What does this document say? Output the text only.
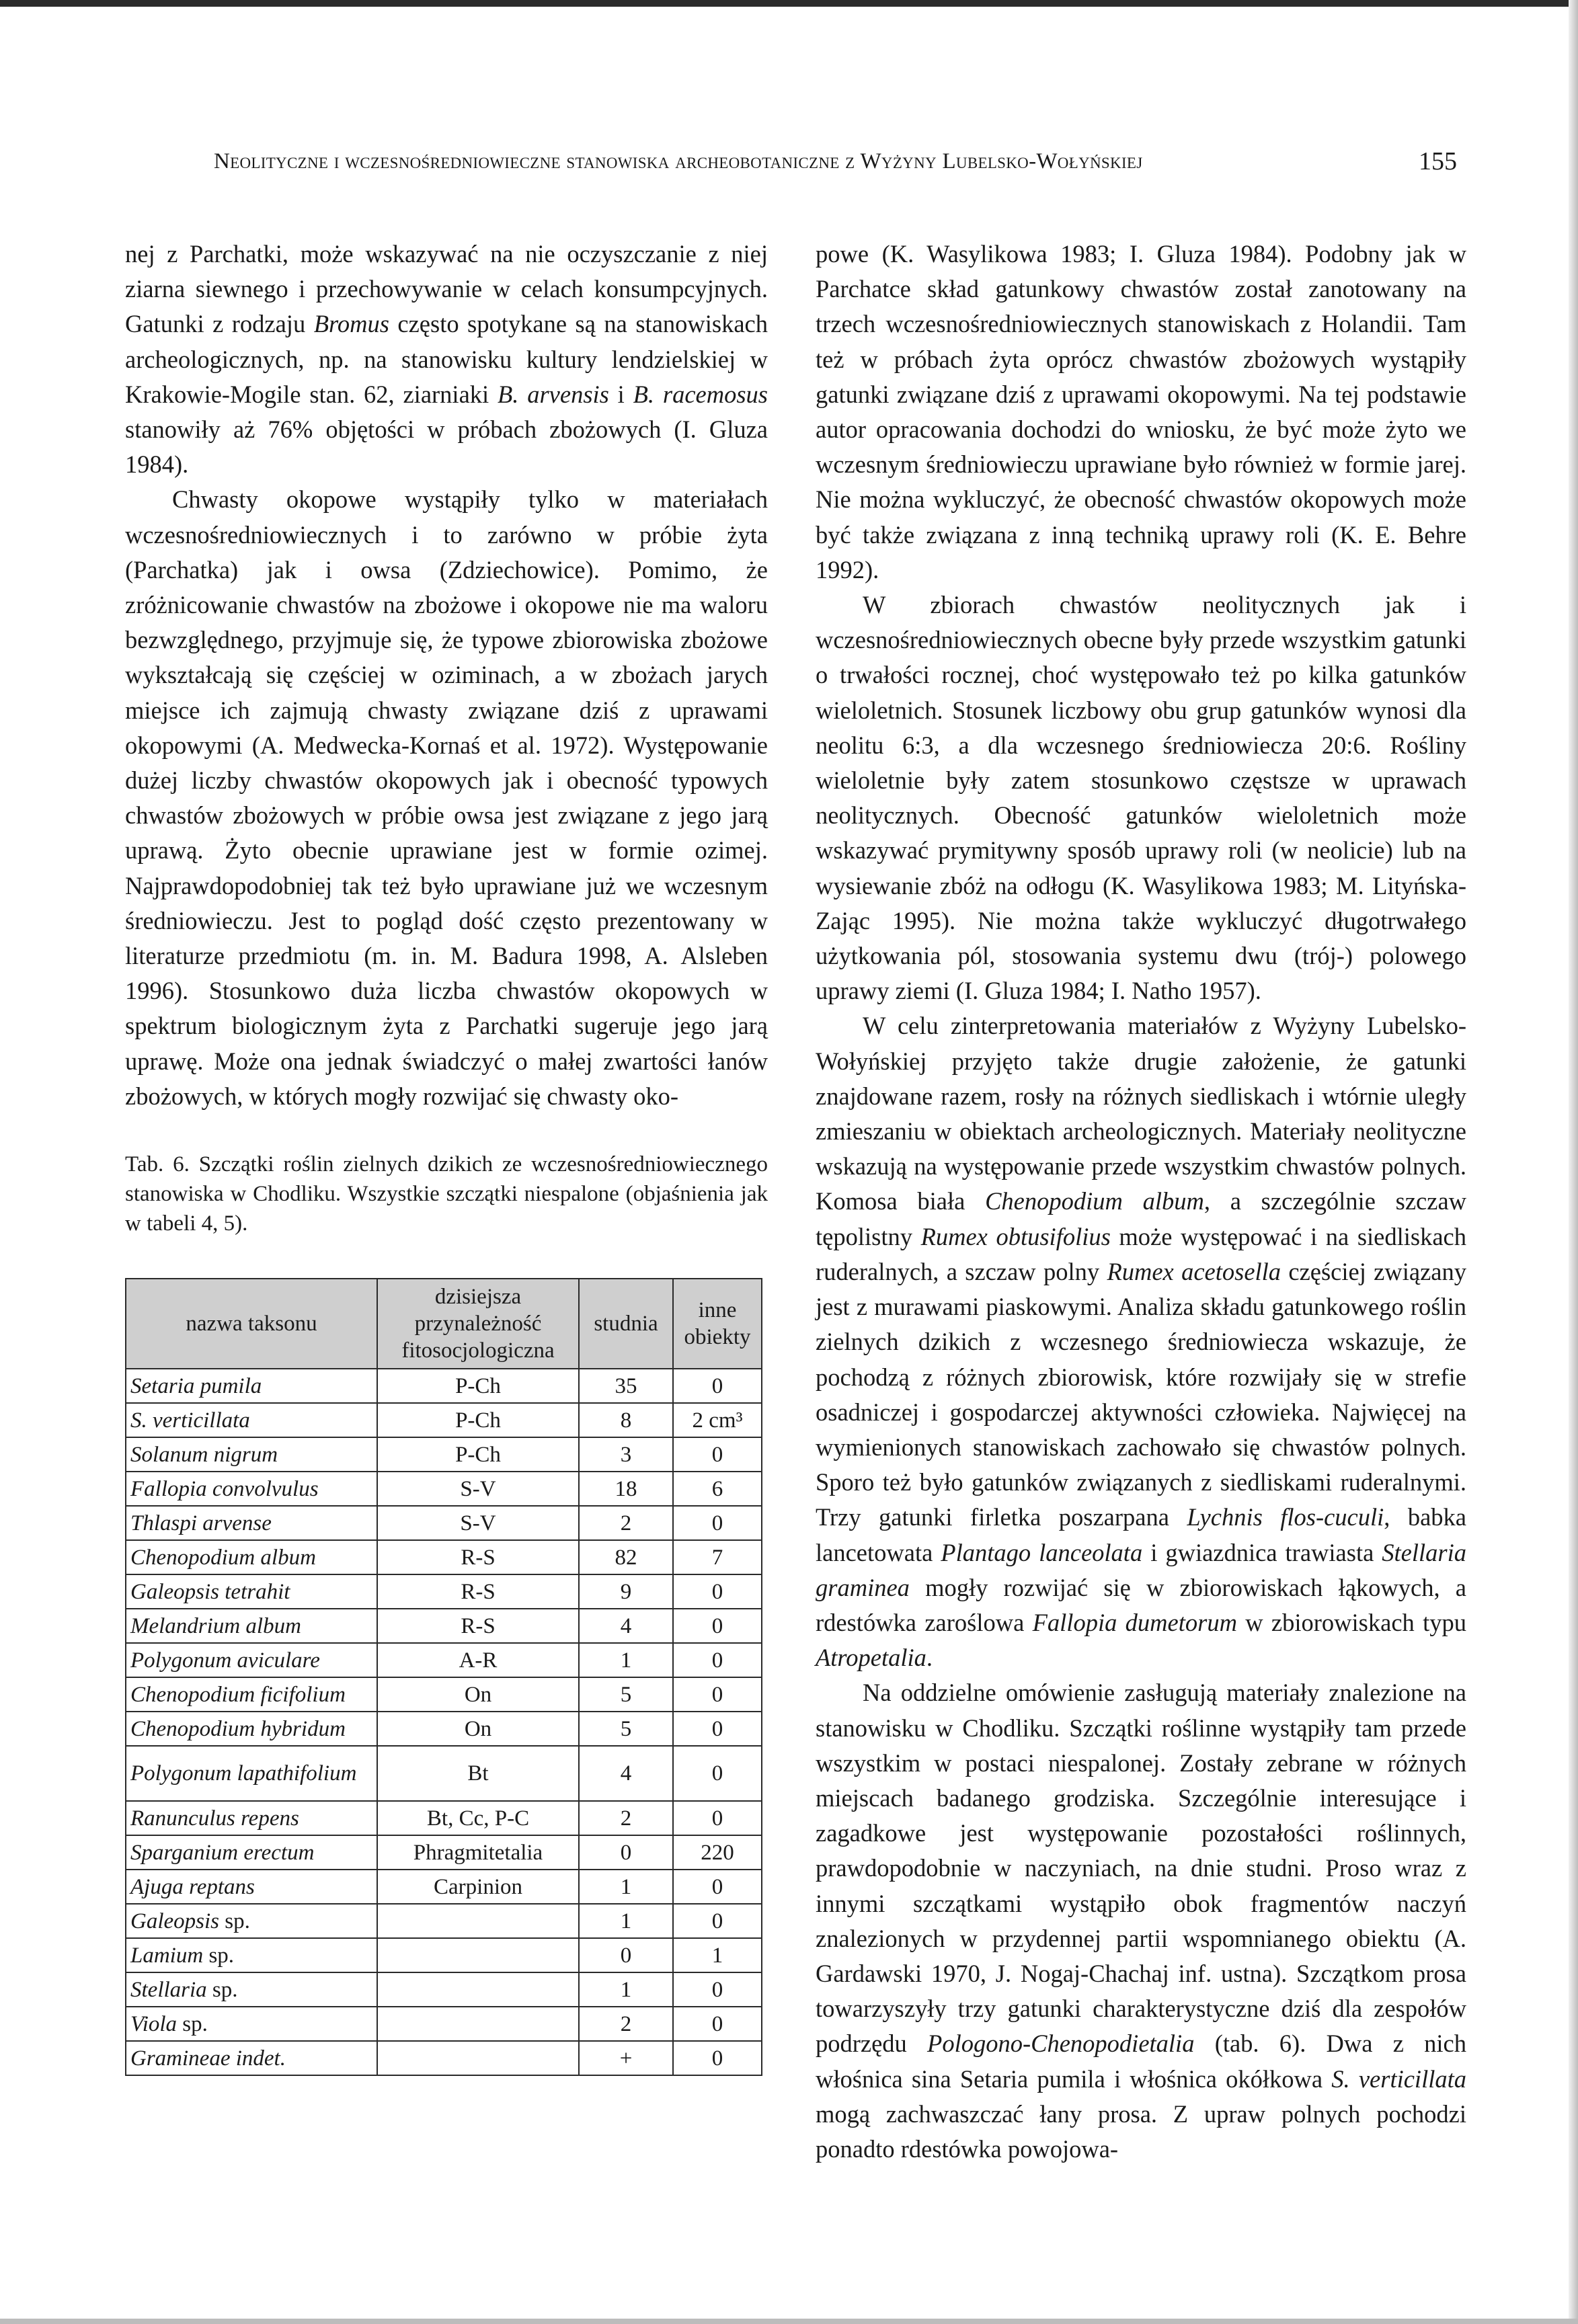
Neolityczne i wczesnośredniowieczne stanowiska archeobotaniczne z Wyżyny Lubelsko-Wołyńskiej	155

nej z Parchatki, może wskazywać na nie oczyszczanie z niej ziarna siewnego i przechowywanie w celach konsumpcyjnych. Gatunki z rodzaju Bromus często spotykane są na stanowiskach archeologicznych, np. na stanowisku kultury lendzielskiej w Krakowie-Mogile stan. 62, ziarniaki B. arvensis i B. racemosus stanowiły aż 76% objętości w próbach zbożowych (I. Gluza 1984).

Chwasty okopowe wystąpiły tylko w materiałach wczesnośredniowiecznych i to zarówno w próbie żyta (Parchatka) jak i owsa (Zdziechowice). Pomimo, że zróżnicowanie chwastów na zbożowe i okopowe nie ma waloru bezwzględnego, przyjmuje się, że typowe zbiorowiska zbożowe wykształcają się częściej w oziminach, a w zbożach jarych miejsce ich zajmują chwasty związane dziś z uprawami okopowymi (A. Medwecka-Kornaś et al. 1972). Występowanie dużej liczby chwastów okopowych jak i obecność typowych chwastów zbożowych w próbie owsa jest związane z jego jarą uprawą. Żyto obecnie uprawiane jest w formie ozimej. Najprawdopodobniej tak też było uprawiane już we wczesnym średniowieczu. Jest to pogląd dość często prezentowany w literaturze przedmiotu (m. in. M. Badura 1998, A. Alsleben 1996). Stosunkowo duża liczba chwastów okopowych w spektrum biologicznym żyta z Parchatki sugeruje jego jarą uprawę. Może ona jednak świadczyć o małej zwartości łanów zbożowych, w których mogły rozwijać się chwasty oko-

Tab. 6. Szczątki roślin zielnych dzikich ze wczesnośredniowiecznego stanowiska w Chodliku. Wszystkie szczątki niespalone (objaśnienia jak w tabeli 4, 5).
nazwa taksonu	dzisiejsza przynależność fitosocjologiczna	studnia	inne obiekty
Setaria pumila	P-Ch	35	0
S. verticillata	P-Ch	8	2 cm³
Solanum nigrum	P-Ch	3	0
Fallopia convolvulus	S-V	18	6
Thlaspi arvense	S-V	2	0
Chenopodium album	R-S	82	7
Galeopsis tetrahit	R-S	9	0
Melandrium album	R-S	4	0
Polygonum aviculare	A-R	1	0
Chenopodium ficifolium	On	5	0
Chenopodium hybridum	On	5	0
Polygonum lapathifolium	Bt	4	0
Ranunculus repens	Bt, Cc, P-C	2	0
Sparganium erectum	Phragmitetalia	0	220
Ajuga reptans	Carpinion	1	0
Galeopsis sp.		1	0
Lamium sp.		0	1
Stellaria sp.		1	0
Viola sp.		2	0
Gramineae indet.		+	0

powe (K. Wasylikowa 1983; I. Gluza 1984). Podobny jak w Parchatce skład gatunkowy chwastów został zanotowany na trzech wczesnośredniowiecznych stanowiskach z Holandii. Tam też w próbach żyta oprócz chwastów zbożowych wystąpiły gatunki związane dziś z uprawami okopowymi. Na tej podstawie autor opracowania dochodzi do wniosku, że być może żyto we wczesnym średniowieczu uprawiane było również w formie jarej. Nie można wykluczyć, że obecność chwastów okopowych może być także związana z inną techniką uprawy roli (K. E. Behre 1992).

W zbiorach chwastów neolitycznych jak i wczesnośredniowiecznych obecne były przede wszystkim gatunki o trwałości rocznej, choć występowało też po kilka gatunków wieloletnich. Stosunek liczbowy obu grup gatunków wynosi dla neolitu 6:3, a dla wczesnego średniowiecza 20:6. Rośliny wieloletnie były zatem stosunkowo częstsze w uprawach neolitycznych. Obecność gatunków wieloletnich może wskazywać prymitywny sposób uprawy roli (w neolicie) lub na wysiewanie zbóż na odłogu (K. Wasylikowa 1983; M. Lityńska-Zając 1995). Nie można także wykluczyć długotrwałego użytkowania pól, stosowania systemu dwu (trój-) polowego uprawy ziemi (I. Gluza 1984; I. Natho 1957).

W celu zinterpretowania materiałów z Wyżyny Lubelsko-Wołyńskiej przyjęto także drugie założenie, że gatunki znajdowane razem, rosły na różnych siedliskach i wtórnie uległy zmieszaniu w obiektach archeologicznych. Materiały neolityczne wskazują na występowanie przede wszystkim chwastów polnych. Komosa biała Chenopodium album, a szczególnie szczaw tępolistny Rumex obtusifolius może występować i na siedliskach ruderalnych, a szczaw polny Rumex acetosella częściej związany jest z murawami piaskowymi. Analiza składu gatunkowego roślin zielnych dzikich z wczesnego średniowiecza wskazuje, że pochodzą z różnych zbiorowisk, które rozwijały się w strefie osadniczej i gospodarczej aktywności człowieka. Najwięcej na wymienionych stanowiskach zachowało się chwastów polnych. Sporo też było gatunków związanych z siedliskami ruderalnymi. Trzy gatunki firletka poszarpana Lychnis flos-cuculi, babka lancetowata Plantago lanceolata i gwiazdnica trawiasta Stellaria graminea mogły rozwijać się w zbiorowiskach łąkowych, a rdestówka zaroślowa Fallopia dumetorum w zbiorowiskach typu Atropetalia.

Na oddzielne omówienie zasługują materiały znalezione na stanowisku w Chodliku. Szczątki roślinne wystąpiły tam przede wszystkim w postaci niespalonej. Zostały zebrane w różnych miejscach badanego grodziska. Szczególnie interesujące i zagadkowe jest występowanie pozostałości roślinnych, prawdopodobnie w naczyniach, na dnie studni. Proso wraz z innymi szczątkami wystąpiło obok fragmentów naczyń znalezionych w przydennej partii wspomnianego obiektu (A. Gardawski 1970, J. Nogaj-Chachaj inf. ustna). Szczątkom prosa towarzyszyły trzy gatunki charakterystyczne dziś dla zespołów podrzędu Pologono-Chenopodietalia (tab. 6). Dwa z nich włośnica sina Setaria pumila i włośnica okółkowa S. verticillata mogą zachwaszczać łany prosa. Z upraw polnych pochodzi ponadto rdestówka powojowa-
